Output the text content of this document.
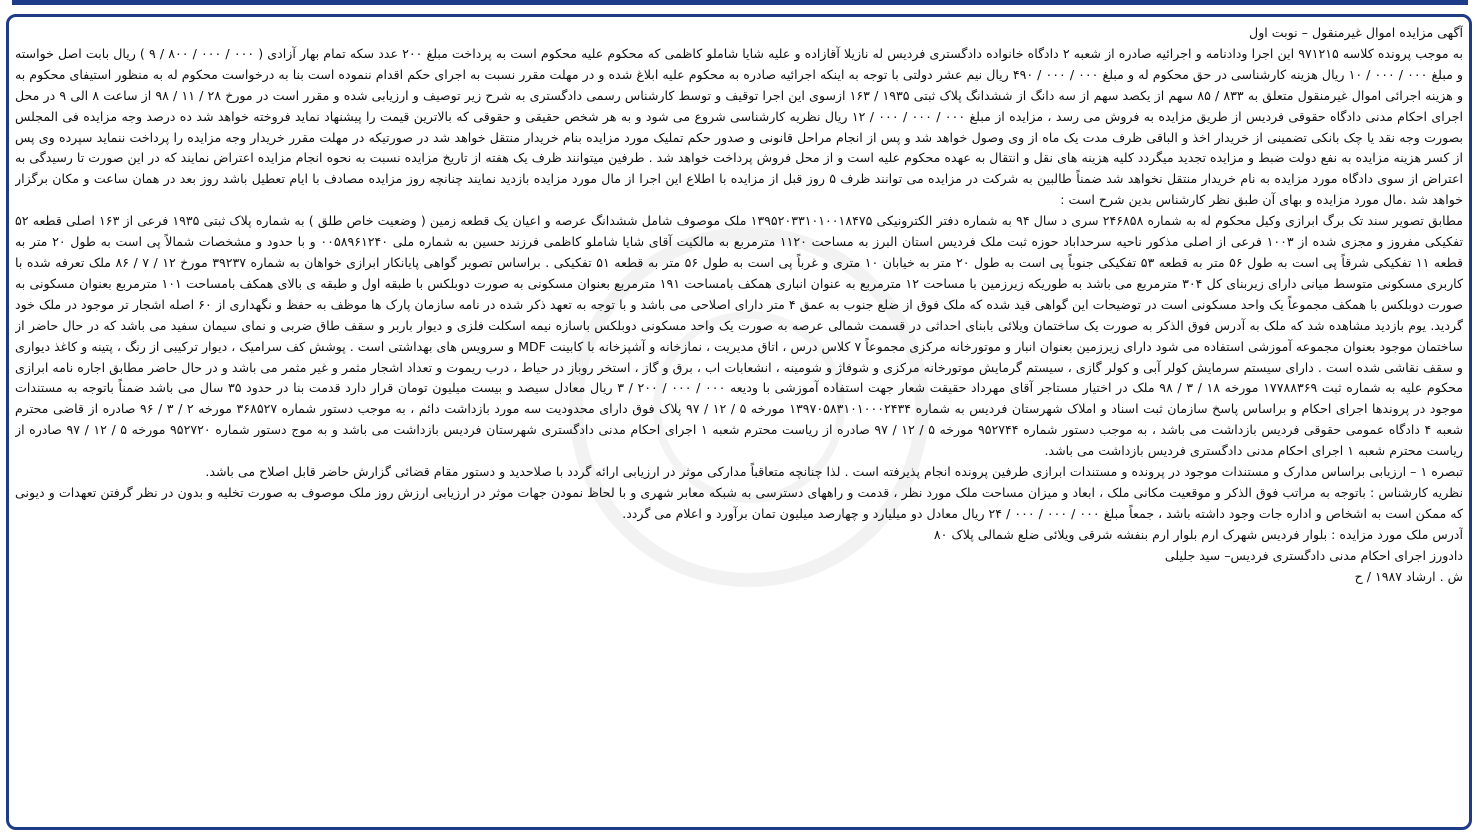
آگهی مزایده اموال غیرمنقول – نوبت اول

به موجب پرونده کلاسه ۹۷۱۲۱۵ این اجرا ودادنامه و اجرائیه صادره از شعبه ۲ دادگاه خانواده دادگستری فردیس له نازیلا آقازاده و علیه شایا شاملو کاظمی که محکوم علیه محکوم است به پرداخت مبلغ ۲۰۰ عدد سکه تمام بهار آزادی ( ۰۰۰ / ۰۰۰ / ۸۰۰ / ۹ ) ریال بابت اصل خواسته و مبلغ ۰۰۰ / ۰۰۰ / ۱۰ ریال هزینه کارشناسی در حق محکوم له و مبلغ ۰۰۰ / ۰۰۰ / ۴۹۰ ریال نیم عشر دولتی با توجه به اینکه اجرائیه صادره به محکوم علیه ابلاغ شده و در مهلت مقرر نسبت به اجرای حکم اقدام ننموده است بنا به درخواست محکوم له به منظور استیفای محکوم به و هزینه اجرائی اموال غیرمنقول متعلق به ۸۳۳ / ۸۵ سهم از یکصد سهم از سه دانگ از ششدانگ پلاک ثبتی ۱۹۳۵ / ۱۶۳ ازسوی این اجرا توقیف و توسط کارشناس رسمی دادگستری به شرح زیر توصیف و ارزیابی شده و مقرر است در مورخ ۲۸ / ۱۱ / ۹۸ از ساعت ۸ الی ۹ در محل اجرای احکام مدنی دادگاه حقوقی فردیس از طریق مزایده به فروش می رسد ، مزایده از مبلغ ۰۰۰ / ۰۰۰ / ۰۰۰ / ۱۲ ریال نظریه کارشناسی شروع می شود و به هر شخص حقیقی و حقوقی که بالاترین قیمت را پیشنهاد نماید فروخته خواهد شد ده درصد وجه مزایده فی المجلس بصورت وجه نقد یا چک بانکی تضمینی از خریدار اخذ و الباقی ظرف مدت یک ماه از وی وصول خواهد شد و پس از انجام مراحل قانونی و صدور حکم تملیک مورد مزایده بنام خریدار منتقل خواهد شد در صورتیکه در مهلت مقرر خریدار وجه مزایده را پرداخت ننماید سپرده وی پس از کسر هزینه مزایده به نفع دولت ضبط و مزایده تجدید میگردد کلیه هزینه های نقل و انتقال به عهده محکوم علیه است و از محل فروش پرداخت خواهد شد . طرفین میتوانند ظرف یک هفته از تاریخ مزایده نسبت به نحوه انجام مزایده اعتراض نمایند که در این صورت تا رسیدگی به اعتراض از سوی دادگاه مورد مزایده به نام خریدار منتقل نخواهد شد ضمناً طالبین به شرکت در مزایده می توانند ظرف ۵ روز قبل از مزایده با اطلاع این اجرا از مال مورد مزایده بازدید نمایند چنانچه روز مزایده مصادف با ایام تعطیل باشد روز بعد در همان ساعت و مکان برگزار خواهد شد .مال مورد مزایده و بهای آن طبق نظر کارشناس بدین شرح است :

مطابق تصویر سند تک برگ ابرازی وکیل محکوم له به شماره ۲۴۶۸۵۸ سری د سال ۹۴ به شماره دفتر الکترونیکی ۱۳۹۵۲۰۳۳۱۰۱۰۰۱۸۴۷۵ ملک موصوف شامل ششدانگ عرصه و اعیان یک قطعه زمین ( وضعیت خاص طلق ) به شماره پلاک ثبتی ۱۹۳۵ فرعی از ۱۶۳ اصلی قطعه ۵۲ تفکیکی مفروز و مجزی شده از ۱۰۰۳ فرعی از اصلی مذکور ناحیه سرحداباد حوزه ثبت ملک فردیس استان البرز به مساحت ۱۱۲۰ مترمربع به مالکیت آقای شایا شاملو کاظمی فرزند حسین به شماره ملی ۰۰۵۸۹۶۱۲۴۰ و با حدود و مشخصات شمالاً پی است به طول ۲۰ متر به قطعه ۱۱ تفکیکی شرقاً پی است به طول ۵۶ متر به قطعه ۵۳ تفکیکی جنوباً پی است به طول ۲۰ متر به خیابان ۱۰ متری و غرباً پی است به طول ۵۶ متر به قطعه ۵۱ تفکیکی . براساس تصویر گواهی پایانکار ابرازی خواهان به شماره ۳۹۲۳۷ مورخ ۱۲ / ۷ / ۸۶ ملک تعرفه شده با کاربری مسکونی متوسط میانی دارای زیربنای کل ۳۰۴ مترمربع می باشد به طوریکه زیرزمین با مساحت ۱۲ مترمربع به عنوان انباری همکف بامساحت ۱۹۱ مترمربع بعنوان مسکونی به صورت دوبلکس با طبقه اول و طبقه ی بالای همکف بامساحت ۱۰۱ مترمربع بعنوان مسکونی به صورت دوبلکس با همکف مجموعاً یک واحد مسکونی است در توضیحات این گواهی قید شده که ملک فوق از ضلع جنوب به عمق ۴ متر دارای اصلاحی می باشد و با توجه به تعهد ذکر شده در نامه سازمان پارک ها موظف به حفظ و نگهداری از ۶۰ اصله اشجار تر موجود در ملک خود گردید. یوم بازدید مشاهده شد که ملک به آدرس فوق الذکر به صورت یک ساختمان ویلائی بابنای احداثی در قسمت شمالی عرصه به صورت یک واحد مسکونی دوبلکس باسازه نیمه اسکلت فلزی و دیوار باربر و سقف طاق ضربی و نمای سیمان سفید می باشد که در حال حاضر از ساختمان موجود بعنوان مجموعه آموزشی استفاده می شود دارای زیرزمین بعنوان انبار و موتورخانه مرکزی مجموعاً ۷ کلاس درس ، اتاق مدیریت ، نمازخانه و آشپزخانه با کابینت MDF و سرویس های بهداشتی است . پوشش کف سرامیک ، دیوار ترکیبی از رنگ ، پتینه و کاغذ دیواری و سقف نقاشی شده است . دارای سیستم سرمایش کولر آبی و کولر گازی ، سیستم گرمایش موتورخانه مرکزی و شوفاژ و شومینه ، انشعابات اب ، برق و گاز ، استخر روباز در حیاط ، درب ریموت و تعداد اشجار مثمر و غیر مثمر می باشد و در حال حاضر مطابق اجاره نامه ابرازی محکوم علیه به شماره ثبت ۱۷۷۸۸۳۶۹ مورخه ۱۸ / ۳ / ۹۸ ملک در اختیار مستاجر آقای مهرداد حقیقت شعار جهت استفاده آموزشی با ودیعه ۰۰۰ / ۰۰۰ / ۲۰۰ / ۳ ریال معادل سیصد و بیست میلیون تومان قرار دارد قدمت بنا در حدود ۳۵ سال می باشد ضمناً باتوجه به مستندات موجود در پروندها اجرای احکام و براساس پاسخ سازمان ثبت اسناد و املاک شهرستان فردیس به شماره ۱۳۹۷۰۵۸۳۱۰۱۰۰۰۲۴۳۴ مورخه ۵ / ۱۲ / ۹۷ پلاک فوق دارای محدودیت سه مورد بازداشت دائم ، به موجب دستور شماره ۳۶۸۵۲۷ مورخه ۲ / ۳ / ۹۶ صادره از قاضی محترم شعبه ۴ دادگاه عمومی حقوقی فردیس بازداشت می باشد ، به موجب دستور شماره ۹۵۲۷۴۴ مورخه ۵ / ۱۲ / ۹۷ صادره از ریاست محترم شعبه ۱ اجرای احکام مدنی دادگستری شهرستان فردیس بازداشت می باشد و به موج دستور شماره ۹۵۲۷۲۰ مورخه ۵ / ۱۲ / ۹۷ صادره از ریاست محترم شعبه ۱ اجرای احکام مدنی دادگستری فردیس بازداشت می باشد.

تبصره ۱ – ارزیابی براساس مدارک و مستندات موجود در پرونده و مستندات ابرازی طرفین پرونده انجام پذیرفته است . لذا چنانچه متعاقباً مدارکی موثر در ارزیابی ارائه گردد با صلاحدید و دستور مقام قضائی گزارش حاضر قابل اصلاح می باشد.

نظریه کارشناس : باتوجه به مراتب فوق الذکر و موقعیت مکانی ملک ، ابعاد و میزان مساحت ملک مورد نظر ، قدمت و راههای دسترسی به شبکه معابر شهری و با لحاظ نمودن جهات موثر در ارزیابی ارزش روز ملک موصوف به صورت تخلیه و بدون در نظر گرفتن تعهدات و دیونی که ممکن است به اشخاص و اداره جات وجود داشته باشد ، جمعاً مبلغ ۰۰۰ / ۰۰۰ / ۰۰۰ / ۲۴ ریال معادل دو میلیارد و چهارصد میلیون تمان برآورد و اعلام می گردد.

آدرس ملک مورد مزایده : بلوار فردیس شهرک ارم بلوار ارم بنفشه شرقی ویلائی ضلع شمالی پلاک ۸۰

دادورز اجرای احکام مدنی دادگستری فردیس– سید جلیلی

ش . ارشاد ۱۹۸۷ / ح
